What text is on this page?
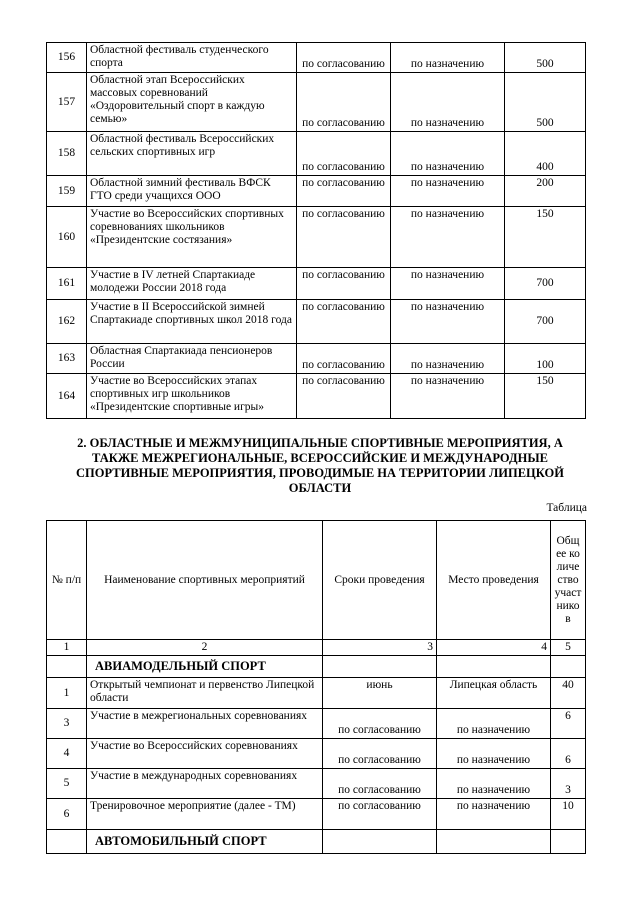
156	Областной фестиваль студенческого спорта	по согласованию	по назначению	500
157	Областной этап Всероссийских массовых соревнований «Оздоровительный спорт в каждую семью»	по согласованию	по назначению	500
158	Областной фестиваль Всероссийских сельских спортивных игр	по согласованию	по назначению	400
159	Областной зимний фестиваль ВФСК ГТО среди учащихся ООО	по согласованию	по назначению	200
160	Участие во Всероссийских спортивных соревнованиях школьников «Президентские состязания»	по согласованию	по назначению	150
161	Участие в IV летней Спартакиаде молодежи России 2018 года	по согласованию	по назначению	700
162	Участие в II Всероссийской зимней Спартакиаде спортивных школ 2018 года	по согласованию	по назначению	700
163	Областная Спартакиада пенсионеров России	по согласованию	по назначению	100
164	Участие во Всероссийских этапах спортивных игр школьников «Президентские спортивные игры»	по согласованию	по назначению	150
2. ОБЛАСТНЫЕ И МЕЖМУНИЦИПАЛЬНЫЕ СПОРТИВНЫЕ МЕРОПРИЯТИЯ, А ТАКЖЕ МЕЖРЕГИОНАЛЬНЫЕ, ВСЕРОССИЙСКИЕ И МЕЖДУНАРОДНЫЕ СПОРТИВНЫЕ МЕРОПРИЯТИЯ, ПРОВОДИМЫЕ НА ТЕРРИТОРИИ ЛИПЕЦКОЙ ОБЛАСТИ
Таблица
№ п/п	Наименование спортивных мероприятий	Сроки проведения	Место проведения	Общее количество участников
1	2	3	4	5
	АВИАМОДЕЛЬНЫЙ СПОРТ			
1	Открытый чемпионат и первенство Липецкой области	июнь	Липецкая область	40
3	Участие в межрегиональных соревнованиях	по согласованию	по назначению	6
4	Участие во Всероссийских соревнованиях	по согласованию	по назначению	6
5	Участие в международных соревнованиях	по согласованию	по назначению	3
6	Тренировочное мероприятие (далее - ТМ)	по согласованию	по назначению	10
	АВТОМОБИЛЬНЫЙ СПОРТ			
